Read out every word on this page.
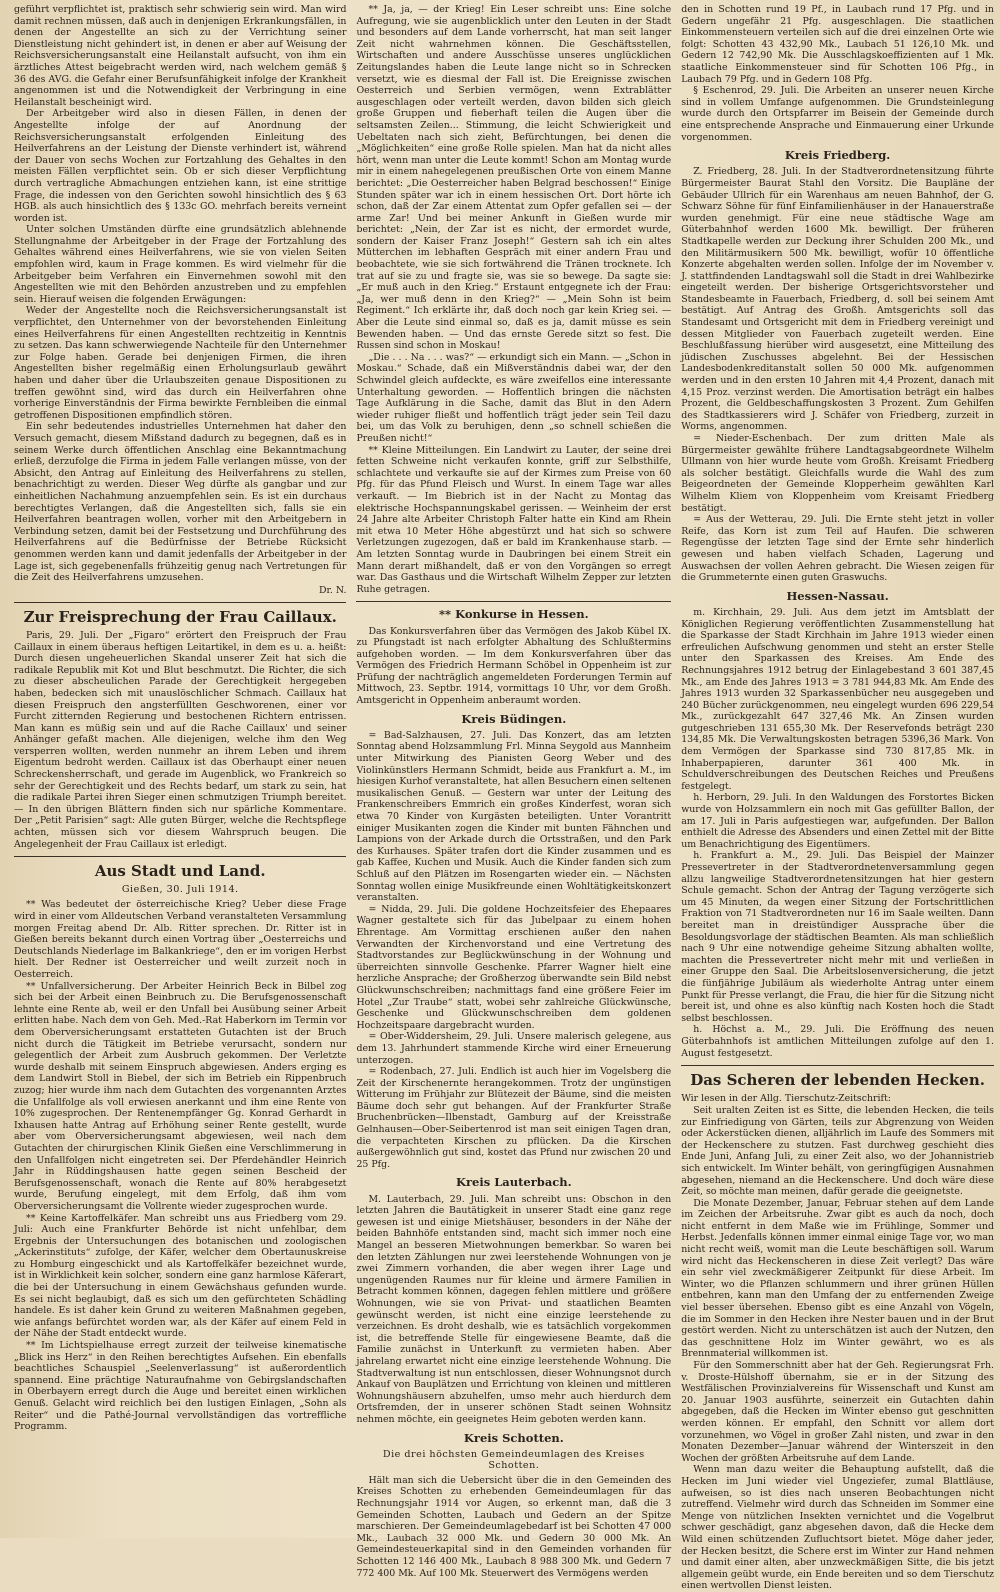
geführt verpflichtet ist, praktisch sehr schwierig sein wird. Man wird damit rechnen müssen, daß auch in denjenigen Erkrankungsfällen, in denen der Angestellte an sich zu der Verrichtung seiner Dienstleistung nicht gehindert ist, in denen er aber auf Weisung der Reichsversicherungsanstalt eine Heilanstalt aufsucht, von ihm ein ärztliches Attest beigebracht werden wird, nach welchem gemäß § 36 des AVG. die Gefahr einer Berufsunfähigkeit infolge der Krankheit angenommen ist und die Notwendigkeit der Verbringung in eine Heilanstalt bescheinigt wird.

Der Arbeitgeber wird also in diesen Fällen, in denen der Angestellte infolge der auf Anordnung der Reichsversicherungsanstalt erfolgenden Einleitung des Heilverfahrens an der Leistung der Dienste verhindert ist, während der Dauer von sechs Wochen zur Fortzahlung des Gehaltes in den meisten Fällen verpflichtet sein. Ob er sich dieser Verpflichtung durch vertragliche Abmachungen entziehen kann, ist eine strittige Frage, die indessen von den Gerichten sowohl hinsichtlich des § 63 HGB. als auch hinsichtlich des § 133c GO. mehrfach bereits verneint worden ist.

Unter solchen Umständen dürfte eine grundsätzlich ablehnende Stellungnahme der Arbeitgeber in der Frage der Fortzahlung des Gehaltes während eines Heilverfahrens, wie sie von vielen Seiten empfohlen wird, kaum in Frage kommen. Es wird vielmehr für die Arbeitgeber beim Verfahren ein Einvernehmen sowohl mit den Angestellten wie mit den Behörden anzustreben und zu empfehlen sein. Hierauf weisen die folgenden Erwägungen:

Weder der Angestellte noch die Reichsversicherungsanstalt ist verpflichtet, den Unternehmer von der bevorstehenden Einleitung eines Heilverfahrens für einen Angestellten rechtzeitig in Kenntnis zu setzen. Das kann schwerwiegende Nachteile für den Unternehmer zur Folge haben. Gerade bei denjenigen Firmen, die ihren Angestellten bisher regelmäßig einen Erholungsurlaub gewährt haben und daher über die Urlaubszeiten genaue Dispositionen zu treffen gewöhnt sind, wird das durch ein Heilverfahren ohne vorherige Einverständnis der Firma bewirkte Fernbleiben die einmal getroffenen Dispositionen empfindlich stören.

Ein sehr bedeutendes industrielles Unternehmen hat daher den Versuch gemacht, diesem Mißstand dadurch zu begegnen, daß es in seinem Werke durch öffentlichen Anschlag eine Bekanntmachung erließ, derzufolge die Firma in jedem Falle verlangen müsse, von der Absicht, den Antrag auf Einleitung des Heilverfahrens zu stellen, benachrichtigt zu werden. Dieser Weg dürfte als gangbar und zur einheitlichen Nachahmung anzuempfehlen sein. Es ist ein durchaus berechtigtes Verlangen, daß die Angestellten sich, falls sie ein Heilverfahren beantragen wollen, vorher mit den Arbeitgebern in Verbindung setzen, damit bei der Festsetzung und Durchführung des Heilverfahrens auf die Bedürfnisse der Betriebe Rücksicht genommen werden kann und damit jedenfalls der Arbeitgeber in der Lage ist, sich gegebenenfalls frühzeitig genug nach Vertretungen für die Zeit des Heilverfahrens umzusehen.

Dr. N.
Zur Freisprechung der Frau Caillaux.

Paris, 29. Juli. Der „Figaro“ erörtert den Freispruch der Frau Caillaux in einem überaus heftigen Leitartikel, in dem es u. a. heißt: Durch diesen ungeheuerlichen Skandal unserer Zeit hat sich die radikale Republik mit Kot und Blut beschmutzt. Die Richter, die sich zu dieser abscheulichen Parade der Gerechtigkeit hergegeben haben, bedecken sich mit unauslöschlicher Schmach. Caillaux hat diesen Freispruch den angsterfüllten Geschworenen, einer vor Furcht zitternden Regierung und bestochenen Richtern entrissen. Man kann es müßig sein und auf die Rache Caillaux' und seiner Anhänger gefaßt machen. Alle diejenigen, welche ihm den Weg versperren wollten, werden nunmehr an ihrem Leben und ihrem Eigentum bedroht werden. Caillaux ist das Oberhaupt einer neuen Schreckensherrschaft, und gerade im Augenblick, wo Frankreich so sehr der Gerechtigkeit und des Rechts bedarf, um stark zu sein, hat die radikale Partei ihren Sieger einen schmutzigen Triumph bereitet. — In den übrigen Blättern finden sich nur spärliche Kommentare. Der „Petit Parisien“ sagt: Alle guten Bürger, welche die Rechtspflege achten, müssen sich vor diesem Wahrspruch beugen. Die Angelegenheit der Frau Caillaux ist erledigt.

Aus Stadt und Land.
Gießen, 30. Juli 1914.

** Was bedeutet der österreichische Krieg? Ueber diese Frage wird in einer vom Alldeutschen Verband veranstalteten Versammlung morgen Freitag abend Dr. Alb. Ritter sprechen. Dr. Ritter ist in Gießen bereits bekannt durch einen Vortrag über „Oesterreichs und Deutschlands Niederlage im Balkankriege“, den er im vorigen Herbst hielt. Der Redner ist Oesterreicher und weilt zurzeit noch in Oesterreich.

** Unfallversicherung. Der Arbeiter Heinrich Beck in Bilbel zog sich bei der Arbeit einen Beinbruch zu. Die Berufsgenossenschaft lehnte eine Rente ab, weil er den Unfall bei Ausübung seiner Arbeit erlitten habe. Nach dem von Geh. Med.-Rat Haberkorn im Termin vor dem Oberversicherungsamt erstatteten Gutachten ist der Bruch nicht durch die Tätigkeit im Betriebe verursacht, sondern nur gelegentlich der Arbeit zum Ausbruch gekommen. Der Verletzte wurde deshalb mit seinem Einspruch abgewiesen. Anders erging es dem Landwirt Stoll in Biebel, der sich im Betrieb ein Rippenbruch zuzog; hier wurde ihm nach dem Gutachten des vorgenannten Arztes die Unfallfolge als voll erwiesen anerkannt und ihm eine Rente von 10% zugesprochen. Der Rentenempfänger Gg. Konrad Gerhardt in Ixhausen hatte Antrag auf Erhöhung seiner Rente gestellt, wurde aber vom Oberversicherungsamt abgewiesen, weil nach dem Gutachten der chirurgischen Klinik Gießen eine Verschlimmerung in den Unfallfolgen nicht eingetreten sei. Der Pferdehändler Heinrich Jahr in Rüddingshausen hatte gegen seinen Bescheid der Berufsgenossenschaft, wonach die Rente auf 80% herabgesetzt wurde, Berufung eingelegt, mit dem Erfolg, daß ihm vom Oberversicherungsamt die Vollrente wieder zugesprochen wurde.

** Keine Kartoffelkäfer. Man schreibt uns aus Friedberg vom 29. Juli: Auch eine Frankfurter Behörde ist nicht unfehlbar, dem Ergebnis der Untersuchungen des botanischen und zoologischen „Ackerinstituts“ zufolge, der Käfer, welcher dem Obertaunuskreise zu Homburg eingeschickt und als Kartoffelkäfer bezeichnet wurde, ist in Wirklichkeit kein solcher, sondern eine ganz harmlose Käferart, die bei der Untersuchung in einem Gewächshaus gefunden wurde. Es sei nicht beglaubigt, daß es sich um den gefürchteten Schädling handele. Es ist daher kein Grund zu weiteren Maßnahmen gegeben, wie anfangs befürchtet worden war, als der Käfer auf einem Feld in der Nähe der Stadt entdeckt wurde.

** Im Lichtspielhause erregt zurzeit der teilweise kinematische „Blick ins Herz“ in den Reihen berechtigtes Aufsehen. Ein ebenfalls beachtliches Schauspiel „Seelenverlassung“ ist außerordentlich spannend. Eine prächtige Naturaufnahme von Gebirgslandschaften in Oberbayern erregt durch die Auge und bereitet einen wirklichen Genuß. Gelacht wird reichlich bei den lustigen Einlagen, „Sohn als Reiter“ und die Pathé-Journal vervollständigen das vortreffliche Programm.

** Ja, ja, — der Krieg! Ein Leser schreibt uns: Eine solche Aufregung, wie sie augenblicklich unter den Leuten in der Stadt und besonders auf dem Lande vorherrscht, hat man seit langer Zeit nicht wahrnehmen können. Die Geschäftsstellen, Wirtschaften und andere Ausschüsse unseres unglücklichen Zeitungslandes haben die Leute lange nicht so in Schrecken versetzt, wie es diesmal der Fall ist. Die Ereignisse zwischen Oesterreich und Serbien vermögen, wenn Extrablätter ausgeschlagen oder verteilt werden, davon bilden sich gleich große Gruppen und fieberhaft teilen die Augen über die seltsamsten Zeilen... Stimmung, die leicht Schwierigkeit und Uebeltaten nach sich zieht, Befürchtungen, bei denen die „Möglichkeiten“ eine große Rolle spielen. Man hat da nicht alles hört, wenn man unter die Leute kommt! Schon am Montag wurde mir in einem nahegelegenen preußischen Orte von einem Manne berichtet: „Die Oesterreicher haben Belgrad beschossen!“ Einige Stunden später war ich in einem hessischen Ort. Dort hörte ich schon, daß der Zar einem Attentat zum Opfer gefallen sei — der arme Zar! Und bei meiner Ankunft in Gießen wurde mir berichtet: „Nein, der Zar ist es nicht, der ermordet wurde, sondern der Kaiser Franz Joseph!“ Gestern sah ich ein altes Mütterchen im lebhaften Gespräch mit einer andern Frau und beobachtete, wie sie sich fortwährend die Tränen trocknete. Ich trat auf sie zu und fragte sie, was sie so bewege. Da sagte sie: „Er muß auch in den Krieg.“ Erstaunt entgegnete ich der Frau: „Ja, wer muß denn in den Krieg?“ — „Mein Sohn ist beim Regiment.“ Ich erklärte ihr, daß doch noch gar kein Krieg sei. — Aber die Leute sind einmal so, daß es ja, damit müsse es sein Bewenden haben. — Und das ernste Gerede sitzt so fest. Die Russen sind schon in Moskau!

„Die . . . Na . . . was?“ — erkundigt sich ein Mann. — „Schon in Moskau.“ Schade, daß ein Mißverständnis dabei war, der den Schwindel gleich aufdeckte, es wäre zweifellos eine interessante Unterhaltung geworden. — Hoffentlich bringen die nächsten Tage Aufklärung in die Sache, damit das Blut in den Adern wieder ruhiger fließt und hoffentlich trägt jeder sein Teil dazu bei, um das Volk zu beruhigen, denn „so schnell schießen die Preußen nicht!“

** Kleine Mitteilungen. Ein Landwirt zu Lauter, der seine drei fetten Schweine nicht verkaufen konnte, griff zur Selbsthilfe, schlachtete und verkaufte sie auf der Kirmes zum Preise von 60 Pfg. für das Pfund Fleisch und Wurst. In einem Tage war alles verkauft. — Im Biebrich ist in der Nacht zu Montag das elektrische Hochspannungskabel gerissen. — Weinheim der erst 24 Jahre alte Arbeiter Christoph Falter hatte ein Kind am Rhein mit etwa 10 Meter Höhe abgestürzt und hat sich so schwere Verletzungen zugezogen, daß er bald im Krankenhause starb. — Am letzten Sonntag wurde in Daubringen bei einem Streit ein Mann derart mißhandelt, daß er von den Vorgängen so erregt war. Das Gasthaus und die Wirtschaft Wilhelm Zepper zur letzten Ruhe getragen.

** Konkurse in Hessen.

Das Konkursverfahren über das Vermögen des Jakob Kübel IX. zu Pfungstadt ist nach erfolgter Abhaltung des Schlußtermins aufgehoben worden. — Im dem Konkursverfahren über das Vermögen des Friedrich Hermann Schöbel in Oppenheim ist zur Prüfung der nachträglich angemeldeten Forderungen Termin auf Mittwoch, 23. Septbr. 1914, vormittags 10 Uhr, vor dem Großh. Amtsgericht in Oppenheim anberaumt worden.

Kreis Büdingen.

= Bad-Salzhausen, 27. Juli. Das Konzert, das am letzten Sonntag abend Holzsammlung Frl. Minna Seygold aus Mannheim unter Mitwirkung des Pianisten Georg Weber und des Violinkünstlers Hermann Schmidt, beide aus Frankfurt a. M., im hiesigen Kurhof veranstaltete, hat allen Besuchern einen seltenen musikalischen Genuß. — Gestern war unter der Leitung des Frankenschreibers Emmrich ein großes Kinderfest, woran sich etwa 70 Kinder von Kurgästen beteiligten. Unter Vorantritt einiger Musikanten zogen die Kinder mit bunten Fähnchen und Lampions von der Arkade durch die Ortsstraßen, und den Park des Kurhauses. Später trafen dort die Kinder zusammen und es gab Kaffee, Kuchen und Musik. Auch die Kinder fanden sich zum Schluß auf den Plätzen im Rosengarten wieder ein. — Nächsten Sonntag wollen einige Musikfreunde einen Wohltätigkeitskonzert veranstalten.

= Nidda, 29. Juli. Die goldene Hochzeitsfeier des Ehepaares Wagner gestaltete sich für das Jubelpaar zu einem hohen Ehrentage. Am Vormittag erschienen außer den nahen Verwandten der Kirchenvorstand und eine Vertretung des Stadtvorstandes zur Beglückwünschung in der Wohnung und überreichten sinnvolle Geschenke. Pfarrer Wagner hielt eine herzliche Ansprache; der Großherzog überwandte sein Bild nebst Glückwunschschreiben; nachmittags fand eine größere Feier im Hotel „Zur Traube“ statt, wobei sehr zahlreiche Glückwünsche, Geschenke und Glückwunschschreiben dem goldenen Hochzeitspaare dargebracht wurden.

= Ober-Widdersheim, 29. Juli. Unsere malerisch gelegene, aus dem 13. Jahrhundert stammende Kirche wird einer Erneuerung unterzogen.

= Rodenbach, 27. Juli. Endlich ist auch hier im Vogelsberg die Zeit der Kirschenernte herangekommen. Trotz der ungünstigen Witterung im Frühjahr zur Blütezeit der Bäume, sind die meisten Bäume doch sehr gut behangen. Auf der Frankfurter Straße Bruchenbrücken—Ilbenstadt, Gamburg auf der Kreisstraße Gelnhausen—Ober-Seibertenrod ist man seit einigen Tagen dran, die verpachteten Kirschen zu pflücken. Da die Kirschen außergewöhnlich gut sind, kostet das Pfund nur zwischen 20 und 25 Pfg.

Kreis Lauterbach.

M. Lauterbach, 29. Juli. Man schreibt uns: Obschon in den letzten Jahren die Bautätigkeit in unserer Stadt eine ganz rege gewesen ist und einige Mietshäuser, besonders in der Nähe der beiden Bahnhöfe entstanden sind, macht sich immer noch eine Mangel an besseren Mietwohnungen bemerkbar. So waren bei den letzten Zählungen nur zwei leerstehende Wohnungen von je zwei Zimmern vorhanden, die aber wegen ihrer Lage und ungenügenden Raumes nur für kleine und ärmere Familien in Betracht kommen können, dagegen fehlen mittlere und größere Wohnungen, wie sie von Privat- und staatlichen Beamten gewünscht werden, ist nicht eine einzige leerstehende zu verzeichnen. Es droht deshalb, wie es tatsächlich vorgekommen ist, die betreffende Stelle für eingewiesene Beamte, daß die Familie zunächst in Unterkunft zu vermieten haben. Aber jahrelang erwartet nicht eine einzige leerstehende Wohnung. Die Stadtverwaltung ist nun entschlossen, dieser Wohnungsnot durch Ankauf von Bauplätzen und Errichtung von kleinen und mittleren Wohnungshäusern abzuhelfen, umso mehr auch hierdurch dem Ortsfremden, der in unserer schönen Stadt seinen Wohnsitz nehmen möchte, ein geeignetes Heim geboten werden kann.

Kreis Schotten.
Die drei höchsten Gemeindeumlagen des Kreises Schotten.

Hält man sich die Uebersicht über die in den Gemeinden des Kreises Schotten zu erhebenden Gemeindeumlagen für das Rechnungsjahr 1914 vor Augen, so erkennt man, daß die 3 Gemeinden Schotten, Laubach und Gedern an der Spitze marschieren. Der Gemeindeumlagebedarf ist bei Schotten 47 000 Mk., Laubach 32 000 Mk. und Gedern 30 000 Mk. An Gemeindesteuerkapital sind in den Gemeinden vorhanden für Schotten 12 146 400 Mk., Laubach 8 988 300 Mk. und Gedern 7 772 400 Mk. Auf 100 Mk. Steuerwert des Vermögens werden

den in Schotten rund 19 Pf., in Laubach rund 17 Pfg. und in Gedern ungefähr 21 Pfg. ausgeschlagen. Die staatlichen Einkommensteuern verteilen sich auf die drei einzelnen Orte wie folgt: Schotten 43 432,90 Mk., Laubach 51 126,10 Mk. und Gedern 12 742,90 Mk. Die Ausschlagskoeffizienten auf 1 Mk. staatliche Einkommensteuer sind für Schotten 106 Pfg., in Laubach 79 Pfg. und in Gedern 108 Pfg.

§ Eschenrod, 29. Juli. Die Arbeiten an unserer neuen Kirche sind in vollem Umfange aufgenommen. Die Grundsteinlegung wurde durch den Ortspfarrer im Beisein der Gemeinde durch eine entsprechende Ansprache und Einmauerung einer Urkunde vorgenommen.

Kreis Friedberg.

Z. Friedberg, 28. Juli. In der Stadtverordnetensitzung führte Bürgermeister Baurat Stahl den Vorsitz. Die Baupläne der Gebäuder Ullrich für ein Warenhaus am neuen Bahnhof, der G. Schwarz Söhne für fünf Einfamilienhäuser in der Hanauerstraße wurden genehmigt. Für eine neue städtische Wage am Güterbahnhof werden 1600 Mk. bewilligt. Der früheren Stadtkapelle werden zur Deckung ihrer Schulden 200 Mk., und den Militärmusikern 500 Mk. bewilligt, wofür 10 öffentliche Konzerte abgehalten werden sollen. Infolge der im November v. J. stattfindenden Landtagswahl soll die Stadt in drei Wahlbezirke eingeteilt werden. Der bisherige Ortsgerichtsvorsteher und Standesbeamte in Fauerbach, Friedberg, d. soll bei seinem Amt bestätigt. Auf Antrag des Großh. Amtsgerichts soll das Standesamt und Ortsgericht mit dem in Friedberg vereinigt und dessen Mitglieder von Fauerbach zugeteilt werden. Eine Beschlußfassung hierüber wird ausgesetzt, eine Mitteilung des jüdischen Zuschusses abgelehnt. Bei der Hessischen Landesbodenkreditanstalt sollen 50 000 Mk. aufgenommen werden und in den ersten 10 Jahren mit 4,4 Prozent, danach mit 4,15 Proz. verzinst werden. Die Amortisation beträgt ein halbes Prozent, die Geldbeschaffungskosten 3 Prozent. Zum Gehilfen des Stadtkassierers wird J. Schäfer von Friedberg, zurzeit in Worms, angenommen.

= Nieder-Eschenbach. Der zum dritten Male als Bürgermeister gewählte frühere Landtagsabgeordnete Wilhelm Ullmann von hier wurde heute vom Großh. Kreisamt Friedberg als solcher bestätigt. Gleichfalls wurde die Wahl des zum Beigeordneten der Gemeinde Klopperheim gewählten Karl Wilhelm Kliem von Kloppenheim vom Kreisamt Friedberg bestätigt.

= Aus der Wetterau, 29. Juli. Die Ernte steht jetzt in voller Reife, das Korn ist zum Teil auf Haufen. Die schweren Regengüsse der letzten Tage sind der Ernte sehr hinderlich gewesen und haben vielfach Schaden, Lagerung und Auswachsen der vollen Aehren gebracht. Die Wiesen zeigen für die Grummeternte einen guten Graswuchs.

Hessen-Nassau.

m. Kirchhain, 29. Juli. Aus dem jetzt im Amtsblatt der Königlichen Regierung veröffentlichten Zusammenstellung hat die Sparkasse der Stadt Kirchhain im Jahre 1913 wieder einen erfreulichen Aufschwung genommen und steht an erster Stelle unter den Sparkassen des Kreises. Am Ende des Rechnungsjahres 1912 betrug der Einlagebestand 3 601 387,45 Mk., am Ende des Jahres 1913 = 3 781 944,83 Mk. Am Ende des Jahres 1913 wurden 32 Sparkassenbücher neu ausgegeben und 240 Bücher zurückgenommen, neu eingelegt wurden 696 229,54 Mk., zurückgezahlt 647 327,46 Mk. An Zinsen wurden gutgeschrieben 131 655,30 Mk. Der Reservefonds beträgt 230 134,85 Mk. Die Verwaltungskosten betragen 5396,36 Mark. Von dem Vermögen der Sparkasse sind 730 817,85 Mk. in Inhaberpapieren, darunter 361 400 Mk. in Schuldverschreibungen des Deutschen Reiches und Preußens festgelegt.

h. Herborn, 29. Juli. In den Waldungen des Forstortes Bicken wurde von Holzsammlern ein noch mit Gas gefüllter Ballon, der am 17. Juli in Paris aufgestiegen war, aufgefunden. Der Ballon enthielt die Adresse des Absenders und einen Zettel mit der Bitte um Benachrichtigung des Eigentümers.

h. Frankfurt a. M., 29. Juli. Das Beispiel der Mainzer Pressevertreter in der Stadtverordnetenversammlung gegen allzu langweilige Stadtverordnetensitzungen hat hier gestern Schule gemacht. Schon der Antrag der Tagung verzögerte sich um 45 Minuten, da wegen einer Sitzung der Fortschrittlichen Fraktion von 71 Stadtverordneten nur 16 im Saale weilten. Dann bereitet man in dreistündiger Aussprache über die Besoldungsvorlage der städtischen Beamten. Als man schließlich nach 9 Uhr eine notwendige geheime Sitzung abhalten wollte, machten die Pressevertreter nicht mehr mit und verließen in einer Gruppe den Saal. Die Arbeitslosenversicherung, die jetzt die fünfjährige Jubiläum als wiederholte Antrag unter einem Punkt für Presse verlangt, die Frau, die hier für die Sitzung nicht bereit ist, und ohne es also künftig nach Kosten hoch die Stadt selbst beschlossen.

h. Höchst a. M., 29. Juli. Die Eröffnung des neuen Güterbahnhofs ist amtlichen Mitteilungen zufolge auf den 1. August festgesetzt.

Das Scheren der lebenden Hecken.

Wir lesen in der Allg. Tierschutz-Zeitschrift:

Seit uralten Zeiten ist es Sitte, die lebenden Hecken, die teils zur Einfriedigung von Gärten, teils zur Abgrenzung von Weiden oder Ackerstücken dienen, alljährlich im Laufe des Sommers mit der Heckenschere zu stutzen. Fast durchweg geschieht dies Ende Juni, Anfang Juli, zu einer Zeit also, wo der Johannistrieb sich entwickelt. Im Winter behält, von geringfügigen Ausnahmen abgesehen, niemand an die Heckenschere. Und doch wäre diese Zeit, so möchte man meinen, dafür gerade die geeignetste.

Die Monate Dezember, Januar, Februar stehen auf dem Lande im Zeichen der Arbeitsruhe. Zwar gibt es auch da noch, doch nicht entfernt in dem Maße wie im Frühlinge, Sommer und Herbst. Jedenfalls können immer einmal einige Tage vor, wo man nicht recht weiß, womit man die Leute beschäftigen soll. Warum wird nicht das Heckenscheren in diese Zeit verlegt? Das wäre ein sehr viel zweckmäßigerer Zeitpunkt für diese Arbeit. Im Winter, wo die Pflanzen schlummern und ihrer grünen Hüllen entbehren, kann man den Umfang der zu entfernenden Zweige viel besser übersehen. Ebenso gibt es eine Anzahl von Vögeln, die im Sommer in den Hecken ihre Nester bauen und in der Brut gestört werden. Nicht zu unterschätzen ist auch der Nutzen, den das geschnittene Holz im Winter gewährt, wo es als Brennmaterial willkommen ist.

Für den Sommerschnitt aber hat der Geh. Regierungsrat Frh. v. Droste-Hülshoff übernahm, sie er in der Sitzung des Westfälischen Provinzialvereins für Wissenschaft und Kunst am 20. Januar 1903 ausführte, seinerzeit ein Gutachten dahin abgegeben, daß die Hecken im Winter ebenso gut geschnitten werden können. Er empfahl, den Schnitt vor allem dort vorzunehmen, wo Vögel in großer Zahl nisten, und zwar in den Monaten Dezember—Januar während der Winterszeit in den Wochen der größten Arbeitsruhe auf dem Lande.

Wenn man dazu weiter die Behauptung aufstellt, daß die Hecken im Juni wieder viel Ungeziefer, zumal Blattläuse, aufweisen, so ist dies nach unseren Beobachtungen nicht zutreffend. Vielmehr wird durch das Schneiden im Sommer eine Menge von nützlichen Insekten vernichtet und die Vogelbrut schwer geschädigt, ganz abgesehen davon, daß die Hecke dem Wild einen schützenden Zufluchtsort bietet. Möge daher jeder, der Hecken besitzt, die Schere erst im Winter zur Hand nehmen und damit einer alten, aber unzweckmäßigen Sitte, die bis jetzt allgemein geübt wurde, ein Ende bereiten und so dem Tierschutz einen wertvollen Dienst leisten.
